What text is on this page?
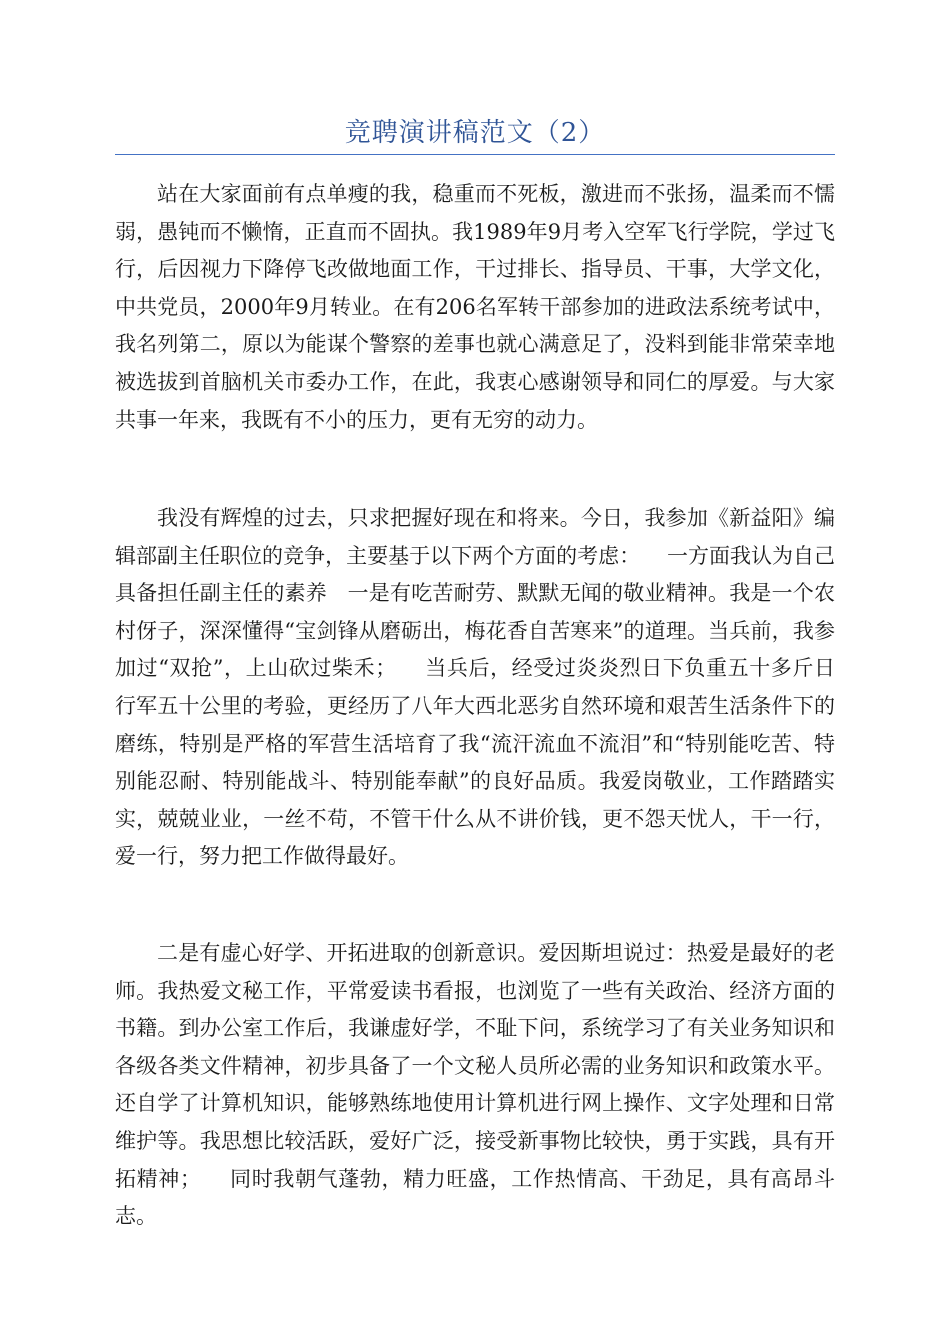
竞聘演讲稿范文（2）

站在大家面前有点单瘦的我，稳重而不死板，激进而不张扬，温柔而不懦弱，愚钝而不懒惰，正直而不固执。我1989年9月考入空军飞行学院，学过飞行，后因视力下降停飞改做地面工作，干过排长、指导员、干事，大学文化，中共党员，2000年9月转业。在有206名军转干部参加的进政法系统考试中，我名列第二，原以为能谋个警察的差事也就心满意足了，没料到能非常荣幸地被选拔到首脑机关市委办工作，在此，我衷心感谢领导和同仁的厚爱。与大家共事一年来，我既有不小的压力，更有无穷的动力。

我没有辉煌的过去，只求把握好现在和将来。今日，我参加《新益阳》编辑部副主任职位的竞争，主要基于以下两个方面的考虑：    一方面我认为自己具备担任副主任的素养   一是有吃苦耐劳、默默无闻的敬业精神。我是一个农村伢子，深深懂得“宝剑锋从磨砺出，梅花香自苦寒来”的道理。当兵前，我参加过“双抢”，上山砍过柴禾；    当兵后，经受过炎炎烈日下负重五十多斤日行军五十公里的考验，更经历了八年大西北恶劣自然环境和艰苦生活条件下的磨练，特别是严格的军营生活培育了我“流汗流血不流泪”和“特别能吃苦、特别能忍耐、特别能战斗、特别能奉献”的良好品质。我爱岗敬业，工作踏踏实实，兢兢业业，一丝不苟，不管干什么从不讲价钱，更不怨天忧人，干一行，爱一行，努力把工作做得最好。

二是有虚心好学、开拓进取的创新意识。爱因斯坦说过：热爱是最好的老师。我热爱文秘工作，平常爱读书看报，也浏览了一些有关政治、经济方面的书籍。到办公室工作后，我谦虚好学，不耻下问，系统学习了有关业务知识和各级各类文件精神，初步具备了一个文秘人员所必需的业务知识和政策水平。还自学了计算机知识，能够熟练地使用计算机进行网上操作、文字处理和日常维护等。我思想比较活跃，爱好广泛，接受新事物比较快，勇于实践，具有开拓精神；    同时我朝气蓬勃，精力旺盛，工作热情高、干劲足，具有高昂斗志。
